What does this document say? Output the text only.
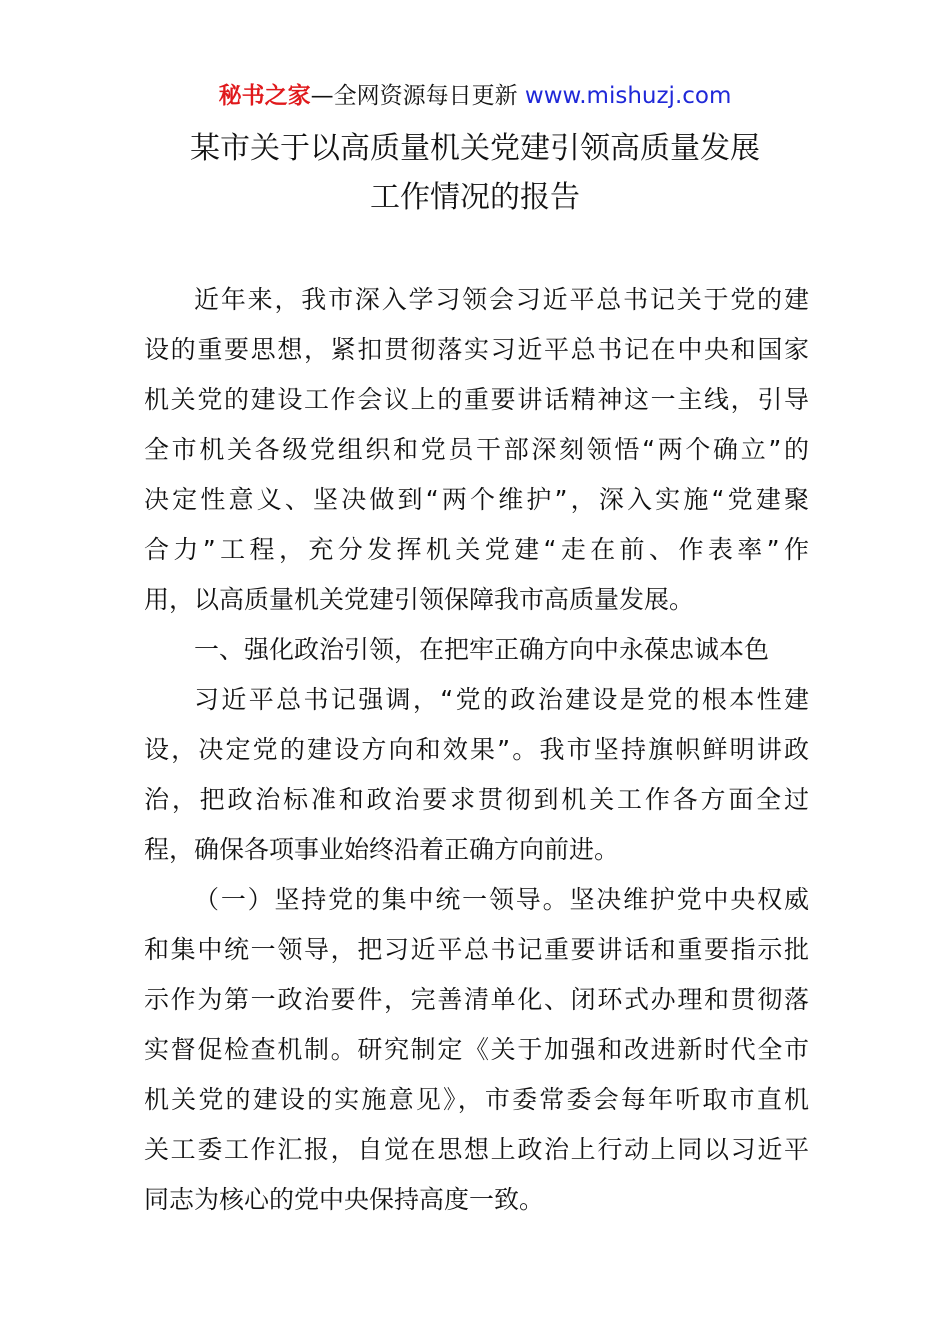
秘书之家—全网资源每日更新 www.mishuzj.com
某市关于以高质量机关党建引领高质量发展
工作情况的报告
近年来，我市深入学习领会习近平总书记关于党的建
设的重要思想，紧扣贯彻落实习近平总书记在中央和国家
机关党的建设工作会议上的重要讲话精神这一主线，引导
全市机关各级党组织和党员干部深刻领悟“两个确立”的
决定性意义、坚决做到“两个维护”，深入实施“党建聚
合力”工程，充分发挥机关党建“走在前、作表率”作
用，以高质量机关党建引领保障我市高质量发展。
一、强化政治引领，在把牢正确方向中永葆忠诚本色
习近平总书记强调，“党的政治建设是党的根本性建
设，决定党的建设方向和效果”。我市坚持旗帜鲜明讲政
治，把政治标准和政治要求贯彻到机关工作各方面全过
程，确保各项事业始终沿着正确方向前进。
（一）坚持党的集中统一领导。坚决维护党中央权威
和集中统一领导，把习近平总书记重要讲话和重要指示批
示作为第一政治要件，完善清单化、闭环式办理和贯彻落
实督促检查机制。研究制定《关于加强和改进新时代全市
机关党的建设的实施意见》，市委常委会每年听取市直机
关工委工作汇报，自觉在思想上政治上行动上同以习近平
同志为核心的党中央保持高度一致。
